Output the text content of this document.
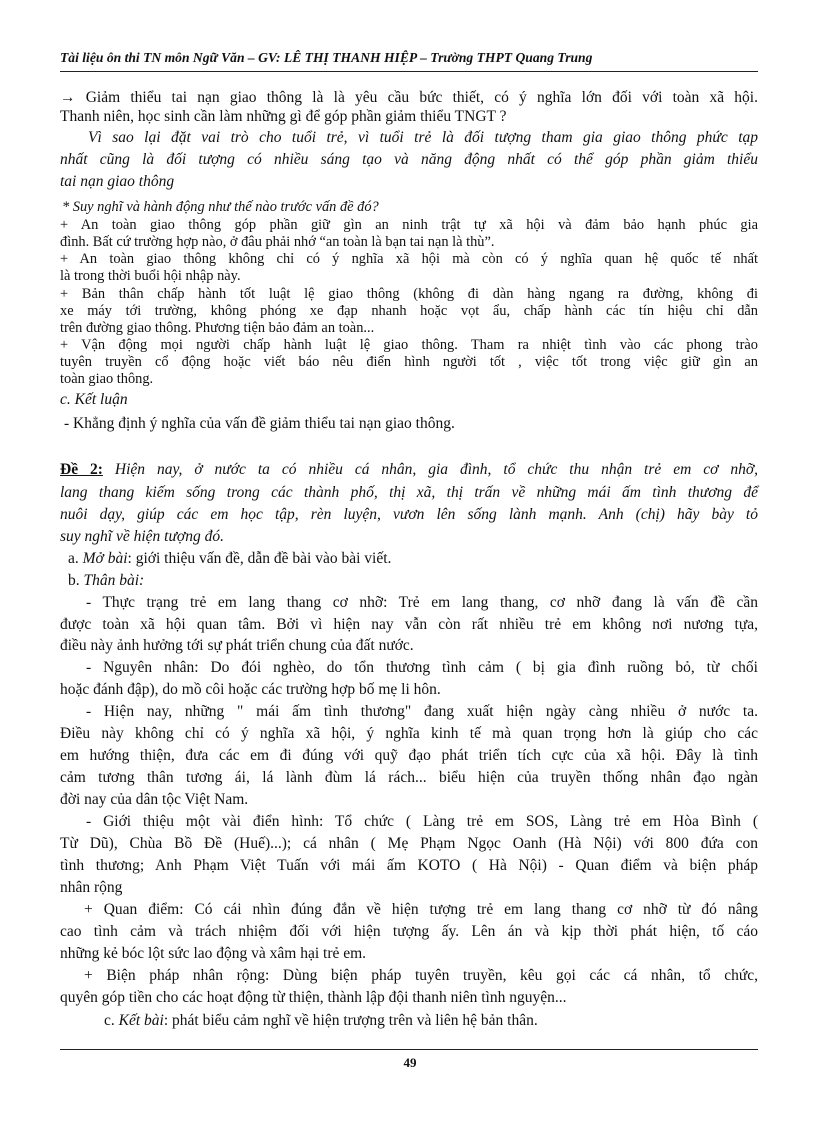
Tài liệu ôn thi TN môn Ngữ Văn – GV: LÊ THỊ THANH HIỆP – Trường THPT Quang Trung
→ Giảm thiểu tai nạn giao thông là là yêu cầu bức thiết, có ý nghĩa lớn đối với toàn xã hội.
Thanh niên, học sinh cần làm những gì để góp phần giảm thiểu TNGT ?
Vì sao lại đặt vai trò cho tuổi trẻ, vì tuổi trẻ là đối tượng tham gia giao thông phức tạp
nhất cũng là đối tượng có nhiều sáng tạo và năng động nhất có thể góp phần giảm thiểu
tai nạn giao thông
* Suy nghĩ và hành động như thế nào trước vấn đề đó?
+ An toàn giao thông góp phần giữ gìn an ninh trật tự xã hội và đảm bảo hạnh phúc gia
đình. Bất cứ trường hợp nào, ở đâu phải nhớ “an toàn là bạn tai nạn là thù”.
+ An toàn giao thông không chỉ có ý nghĩa xã hội mà còn có ý nghĩa quan hệ quốc tế nhất
là trong thời buổi hội nhập này.
+ Bản thân chấp hành tốt luật lệ giao thông (không đi dàn hàng ngang ra đường, không đi
xe máy tới trường, không phóng xe đạp nhanh hoặc vọt ẩu, chấp hành các tín hiệu chỉ dẫn
trên đường giao thông. Phương tiện bảo đảm an toàn...
+ Vận động mọi người chấp hành luật lệ giao thông. Tham ra nhiệt tình vào các phong trào
tuyên truyền cổ động hoặc viết báo nêu điển hình người tốt , việc tốt trong việc giữ gìn an
toàn giao thông.
c. Kết luận
- Khẳng định ý nghĩa của vấn đề giảm thiểu tai nạn giao thông.
Đề 2: Hiện nay, ở nước ta có nhiều cá nhân, gia đình, tổ chức thu nhận trẻ em cơ nhỡ,
lang thang kiếm sống trong các thành phố, thị xã, thị trấn về những mái ấm tình thương để
nuôi dạy, giúp các em học tập, rèn luyện, vươn lên sống lành mạnh. Anh (chị) hãy bày tỏ
suy nghĩ về hiện tượng đó.
a. Mở bài: giới thiệu vấn đề, dẫn đề bài vào bài viết.
b. Thân bài:
- Thực trạng trẻ em lang thang cơ nhỡ: Trẻ em lang thang, cơ nhỡ đang là vấn đề cần
được toàn xã hội quan tâm. Bởi vì hiện nay vẫn còn rất nhiều trẻ em không nơi nương tựa,
điều này ảnh hưởng tới sự phát triển chung của đất nước.
- Nguyên nhân: Do đói nghèo, do tổn thương tình cảm ( bị gia đình ruồng bỏ, từ chối
hoặc đánh đập), do mồ côi hoặc các trường hợp bố mẹ li hôn.
- Hiện nay, những " mái ấm tình thương" đang xuất hiện ngày càng nhiều ở nước ta.
Điều này không chỉ có ý nghĩa xã hội, ý nghĩa kinh tế mà quan trọng hơn là giúp cho các
em hướng thiện, đưa các em đi đúng với quỹ đạo phát triển tích cực của xã hội. Đây là tình
cảm tương thân tương ái, lá lành đùm lá rách... biểu hiện của truyền thống nhân đạo ngàn
đời nay của dân tộc Việt Nam.
- Giới thiệu một vài điển hình: Tổ chức ( Làng trẻ em SOS, Làng trẻ em Hòa Bình (
Từ Dũ), Chùa Bồ Đề (Huế)...); cá nhân ( Mẹ Phạm Ngọc Oanh (Hà Nội) với 800 đứa con
tình thương; Anh Phạm Việt Tuấn với mái ấm KOTO ( Hà Nội) - Quan điểm và biện pháp
nhân rộng
+ Quan điểm: Có cái nhìn đúng đắn về hiện tượng trẻ em lang thang cơ nhỡ từ đó nâng
cao tình cảm và trách nhiệm đối với hiện tượng ấy. Lên án và kịp thời phát hiện, tố cáo
những kẻ bóc lột sức lao động và xâm hại trẻ em.
+ Biện pháp nhân rộng: Dùng biện pháp tuyên truyền, kêu gọi các cá nhân, tổ chức,
quyên góp tiền cho các hoạt động từ thiện, thành lập đội thanh niên tình nguyện...
c. Kết bài: phát biểu cảm nghĩ về hiện trượng trên và liên hệ bản thân.
49
